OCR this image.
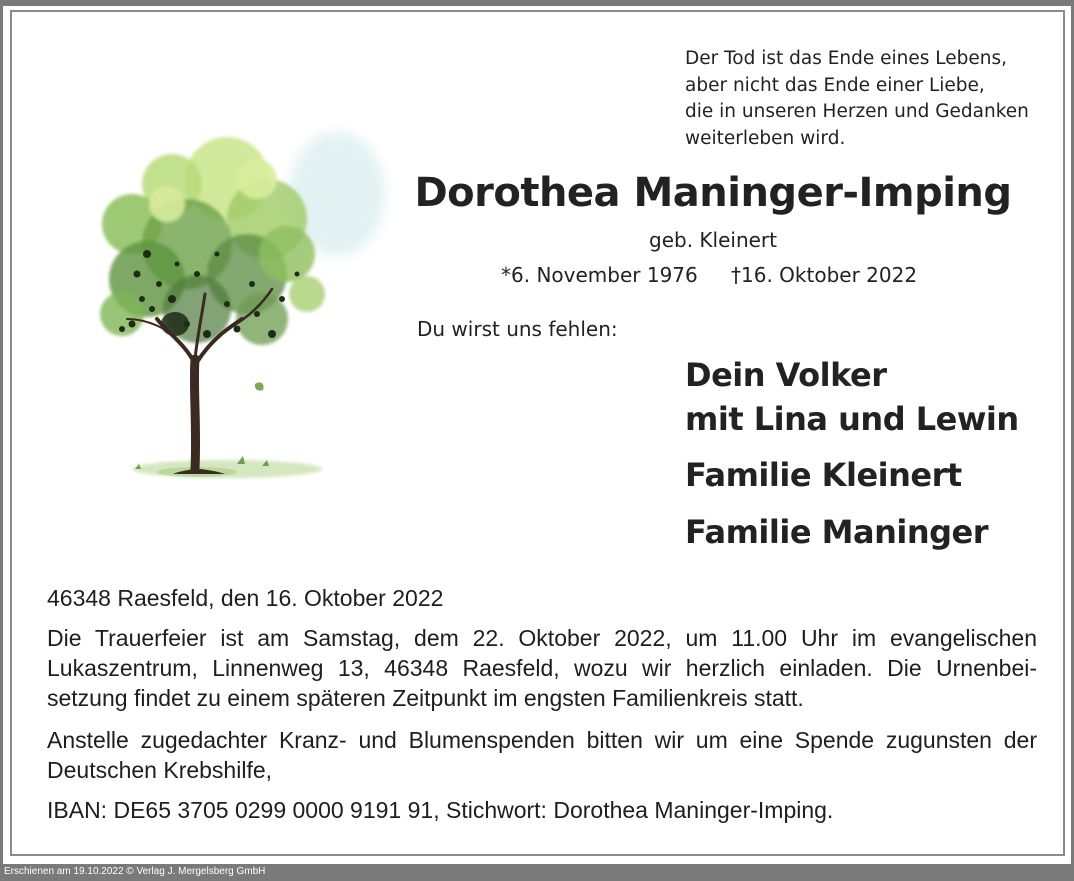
Der Tod ist das Ende eines Lebens,
aber nicht das Ende einer Liebe,
die in unseren Herzen und Gedanken
weiterleben wird.
Dorothea Maninger-Imping
geb. Kleinert
*6. November 1976 †16. Oktober 2022
Du wirst uns fehlen:
Dein Volker
mit Lina und Lewin
Familie Kleinert
Familie Maninger
46348 Raesfeld, den 16. Oktober 2022
Die Trauerfeier ist am Samstag, dem 22. Oktober 2022, um 11.00 Uhr im evangelischen Lukaszentrum, Linnenweg 13, 46348 Raesfeld, wozu wir herzlich einladen. Die Urnenbei- setzung findet zu einem späteren Zeitpunkt im engsten Familienkreis statt.
Anstelle zugedachter Kranz- und Blumenspenden bitten wir um eine Spende zugunsten der Deutschen Krebshilfe,
IBAN: DE65 3705 0299 0000 9191 91, Stichwort: Dorothea Maninger-Imping.
Erschienen am 19.10.2022 © Verlag J. Mergelsberg GmbH
